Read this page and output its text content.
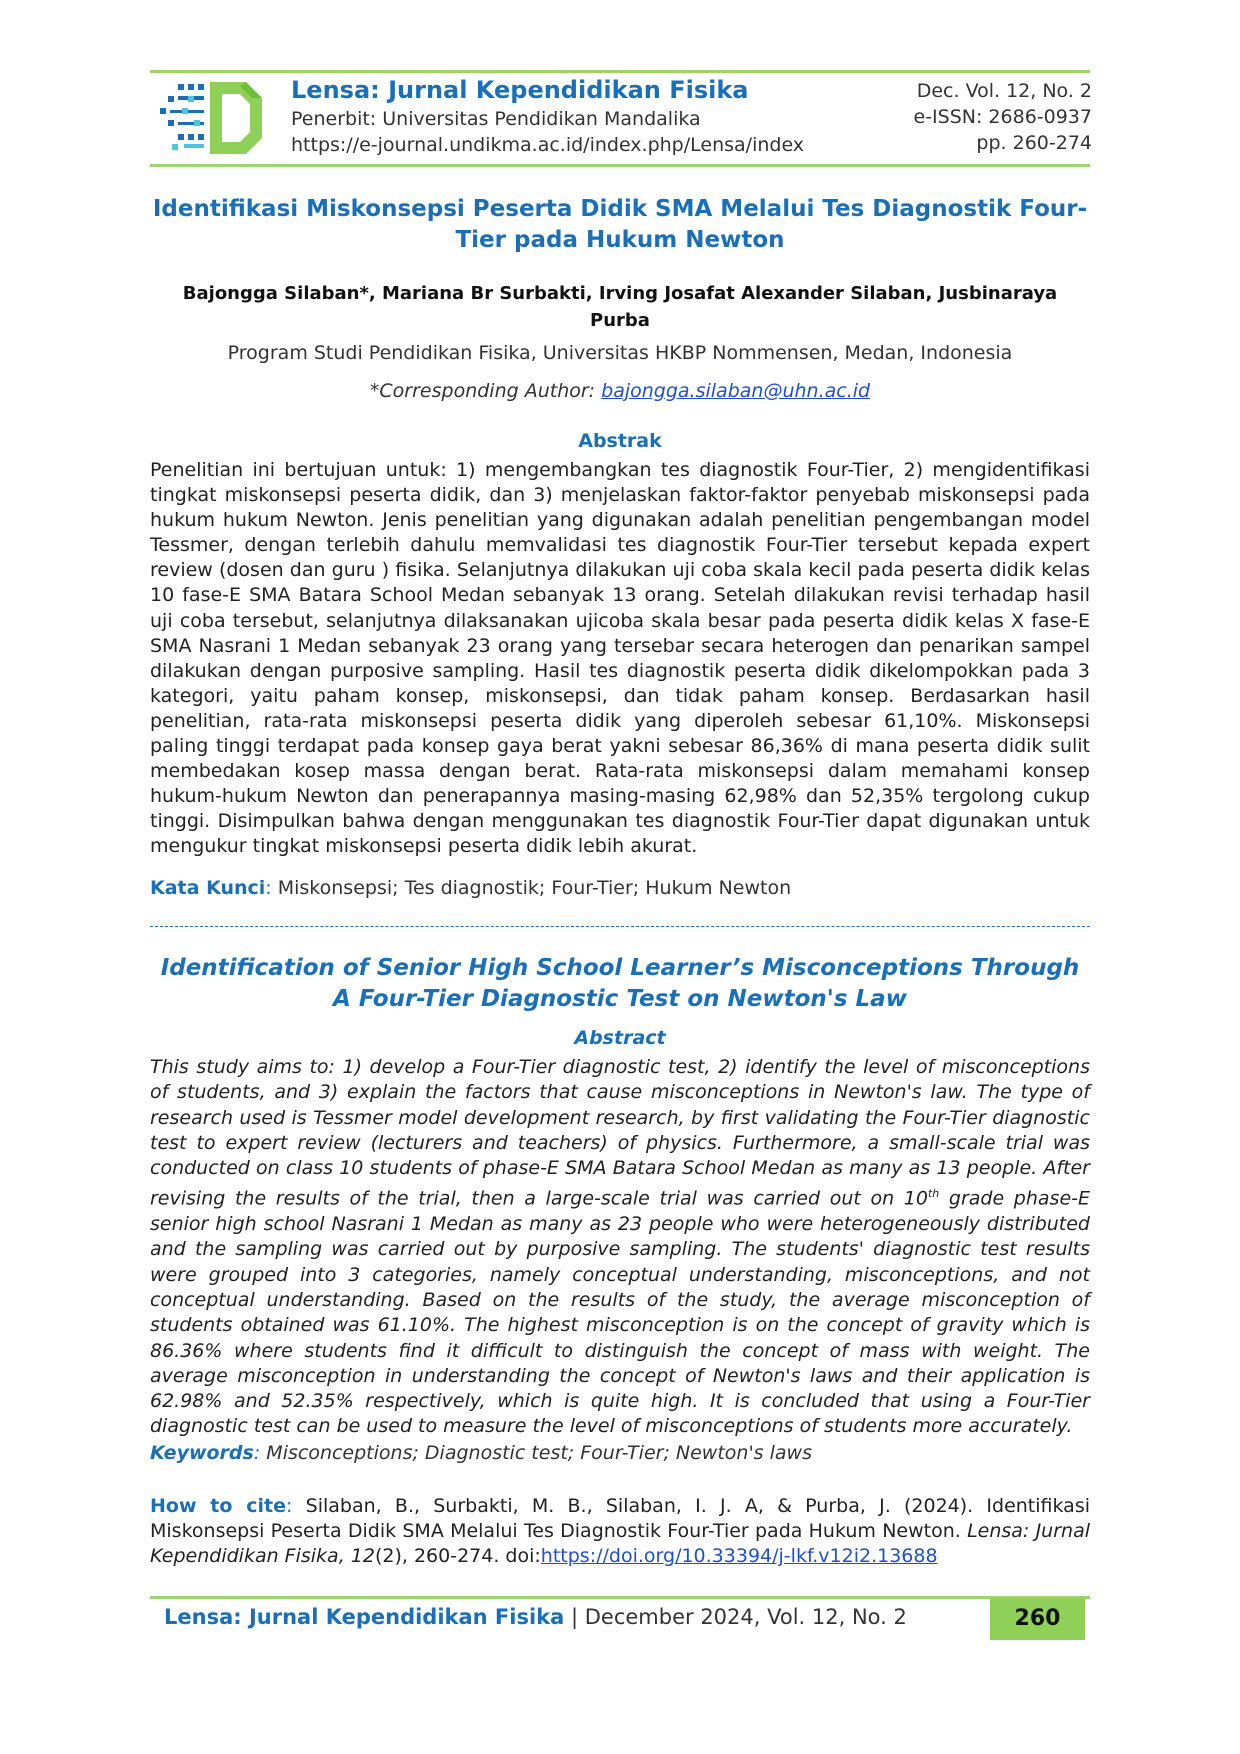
Lensa: Jurnal Kependidikan Fisika
Penerbit: Universitas Pendidikan Mandalika
https://e-journal.undikma.ac.id/index.php/Lensa/index
Dec. Vol. 12, No. 2
e-ISSN: 2686-0937
pp. 260-274
Identifikasi Miskonsepsi Peserta Didik SMA Melalui Tes Diagnostik Four-Tier pada Hukum Newton
Bajongga Silaban*, Mariana Br Surbakti, Irving Josafat Alexander Silaban, Jusbinaraya Purba
Program Studi Pendidikan Fisika, Universitas HKBP Nommensen, Medan, Indonesia
*Corresponding Author: bajongga.silaban@uhn.ac.id
Abstrak
Penelitian ini bertujuan untuk: 1) mengembangkan tes diagnostik Four-Tier, 2) mengidentifikasi tingkat miskonsepsi peserta didik, dan 3) menjelaskan faktor-faktor penyebab miskonsepsi pada hukum hukum Newton. Jenis penelitian yang digunakan adalah penelitian pengembangan model Tessmer, dengan terlebih dahulu memvalidasi tes diagnostik Four-Tier tersebut kepada expert review (dosen dan guru ) fisika. Selanjutnya dilakukan uji coba skala kecil pada peserta didik kelas 10 fase-E SMA Batara School Medan sebanyak 13 orang. Setelah dilakukan revisi terhadap hasil uji coba tersebut, selanjutnya dilaksanakan ujicoba skala besar pada peserta didik kelas X fase-E SMA Nasrani 1 Medan sebanyak 23 orang yang tersebar secara heterogen dan penarikan sampel dilakukan dengan purposive sampling. Hasil tes diagnostik peserta didik dikelompokkan pada 3 kategori, yaitu paham konsep, miskonsepsi, dan tidak paham konsep. Berdasarkan hasil penelitian, rata-rata miskonsepsi peserta didik yang diperoleh sebesar 61,10%. Miskonsepsi paling tinggi terdapat pada konsep gaya berat yakni sebesar 86,36% di mana peserta didik sulit membedakan kosep massa dengan berat. Rata-rata miskonsepsi dalam memahami konsep hukum-hukum Newton dan penerapannya masing-masing 62,98% dan 52,35% tergolong cukup tinggi. Disimpulkan bahwa dengan menggunakan tes diagnostik Four-Tier dapat digunakan untuk mengukur tingkat miskonsepsi peserta didik lebih akurat.
Kata Kunci: Miskonsepsi; Tes diagnostik; Four-Tier; Hukum Newton
Identification of Senior High School Learner’s Misconceptions Through A Four-Tier Diagnostic Test on Newton's Law
Abstract
This study aims to: 1) develop a Four-Tier diagnostic test, 2) identify the level of misconceptions of students, and 3) explain the factors that cause misconceptions in Newton's law. The type of research used is Tessmer model development research, by first validating the Four-Tier diagnostic test to expert review (lecturers and teachers) of physics. Furthermore, a small-scale trial was conducted on class 10 students of phase-E SMA Batara School Medan as many as 13 people. After revising the results of the trial, then a large-scale trial was carried out on 10th grade phase-E senior high school Nasrani 1 Medan as many as 23 people who were heterogeneously distributed and the sampling was carried out by purposive sampling. The students' diagnostic test results were grouped into 3 categories, namely conceptual understanding, misconceptions, and not conceptual understanding. Based on the results of the study, the average misconception of students obtained was 61.10%. The highest misconception is on the concept of gravity which is 86.36% where students find it difficult to distinguish the concept of mass with weight. The average misconception in understanding the concept of Newton's laws and their application is 62.98% and 52.35% respectively, which is quite high. It is concluded that using a Four-Tier diagnostic test can be used to measure the level of misconceptions of students more accurately.
Keywords: Misconceptions; Diagnostic test; Four-Tier; Newton's laws
How to cite: Silaban, B., Surbakti, M. B., Silaban, I. J. A, & Purba, J. (2024). Identifikasi Miskonsepsi Peserta Didik SMA Melalui Tes Diagnostik Four-Tier pada Hukum Newton. Lensa: Jurnal Kependidikan Fisika, 12(2), 260-274. doi:https://doi.org/10.33394/j-lkf.v12i2.13688
Lensa: Jurnal Kependidikan Fisika | December 2024, Vol. 12, No. 2	260
